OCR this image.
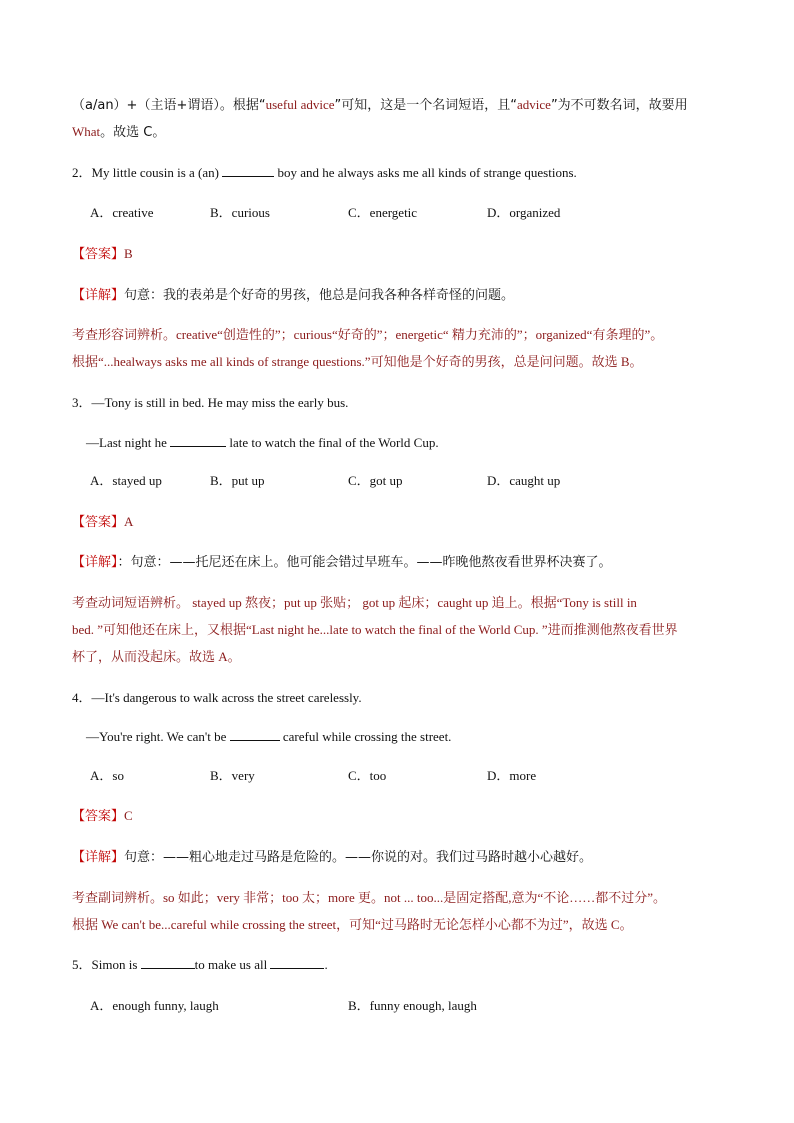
（a/an）+（主语+谓语）。根据“useful advice”可知，这是一个名词短语，且“advice”为不可数名词，故要用
What。故选 C。
2．My little cousin is a (an)	boy and he always asks me all kinds of strange questions.
A．creative	B．curious	C．energetic	D．organized
【答案】B
【详解】句意：我的表弟是个好奇的男孩，他总是问我各种各样奇怪的问题。
考查形容词辨析。creative“创造性的”；curious“好奇的”；energetic“ 精力充沛的”；organized“有条理的”。
根据“...healways asks me all kinds of strange questions.”可知他是个好奇的男孩，总是问问题。故选 B。
3．—Tony is still in bed. He may miss the early bus.
—Last night he	late to watch the final of the World Cup.
A．stayed up	B．put up	C．got up	D．caught up
【答案】A
【详解】：句意：——托尼还在床上。他可能会错过早班车。——昨晚他熬夜看世界杯决赛了。
考查动词短语辨析。 stayed up 熬夜；put up 张贴； got up 起床；caught up 追上。根据“Tony is still in
bed. ”可知他还在床上，又根据“Last night he...late to watch the final of the World Cup. ”进而推测他熬夜看世界
杯了，从而没起床。故选 A。
4．—It's dangerous to walk across the street carelessly.
—You're right. We can't be	careful while crossing the street.
A．so	B．very	C．too	D．more
【答案】C
【详解】句意：——粗心地走过马路是危险的。——你说的对。我们过马路时越小心越好。
考查副词辨析。so 如此；very 非常；too 太；more 更。not ... too...是固定搭配,意为“不论……都不过分”。
根据 We can't be...careful while crossing the street，可知“过马路时无论怎样小心都不为过”，故选 C。
5．Simon is	to make us all	.
A．enough funny, laugh	B．funny enough, laugh
